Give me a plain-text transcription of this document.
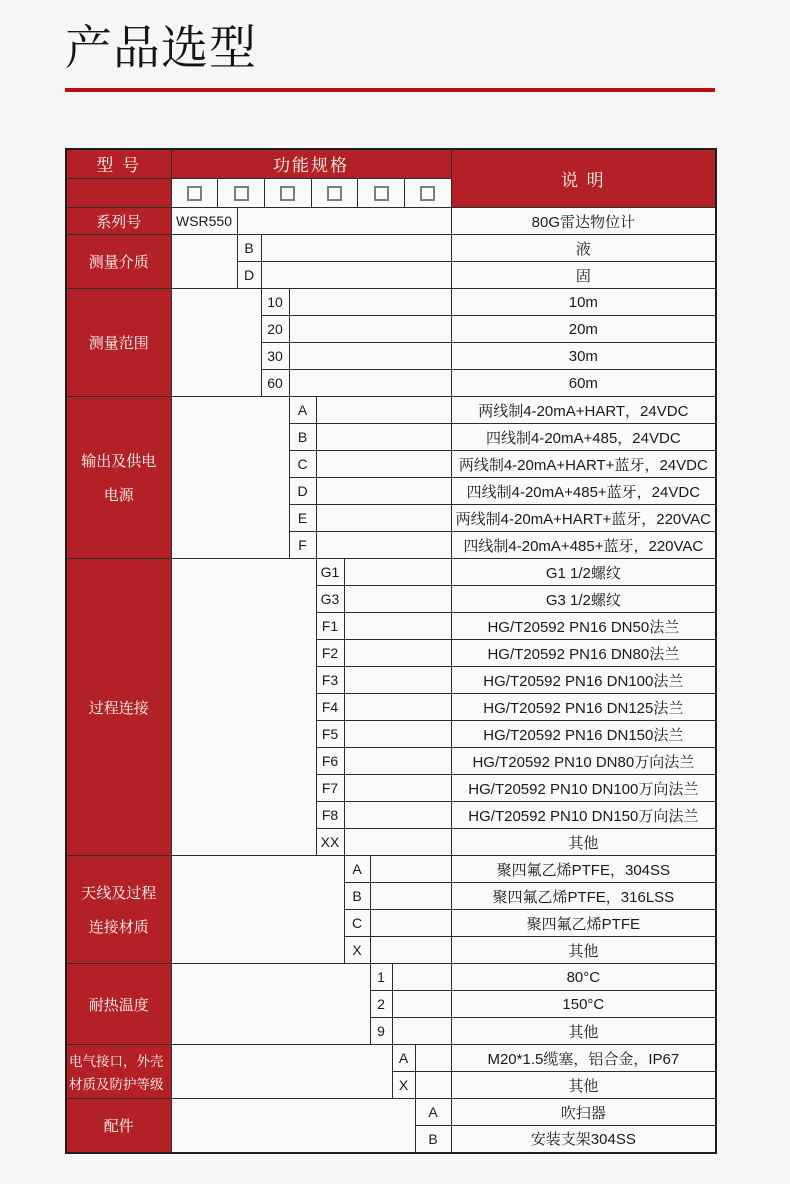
产品选型
型 号	功能规格									说 明

系列号	WSR550									80G雷达物位计

测量介质		B								液
		D								固

测量范围			10							10m
			20							20m
			30							30m
			60							60m

输出及供电
电源				A						两线制4-20mA+HART，24VDC
				B						四线制4-20mA+485，24VDC
				C						两线制4-20mA+HART+蓝牙，24VDC
				D						四线制4-20mA+485+蓝牙，24VDC
				E						两线制4-20mA+HART+蓝牙，220VAC
				F						四线制4-20mA+485+蓝牙，220VAC

过程连接					G1					G1 1/2螺纹
					G3					G3 1/2螺纹
					F1					HG/T20592 PN16 DN50法兰
					F2					HG/T20592 PN16 DN80法兰
					F3					HG/T20592 PN16 DN100法兰
					F4					HG/T20592 PN16 DN125法兰
					F5					HG/T20592 PN16 DN150法兰
					F6					HG/T20592 PN10 DN80万向法兰
					F7					HG/T20592 PN10 DN100万向法兰
					F8					HG/T20592 PN10 DN150万向法兰
					XX					其他

天线及过程
连接材质						A				聚四氟乙烯PTFE，304SS
						B				聚四氟乙烯PTFE，316LSS
						C				聚四氟乙烯PTFE
						X				其他

耐热温度							1			80°C
							2			150°C
							9			其他

电气接口，外壳
材质及防护等级								A		M20*1.5缆塞，铝合金，IP67
								X		其他

配件									A	吹扫器
									B	安装支架304SS
